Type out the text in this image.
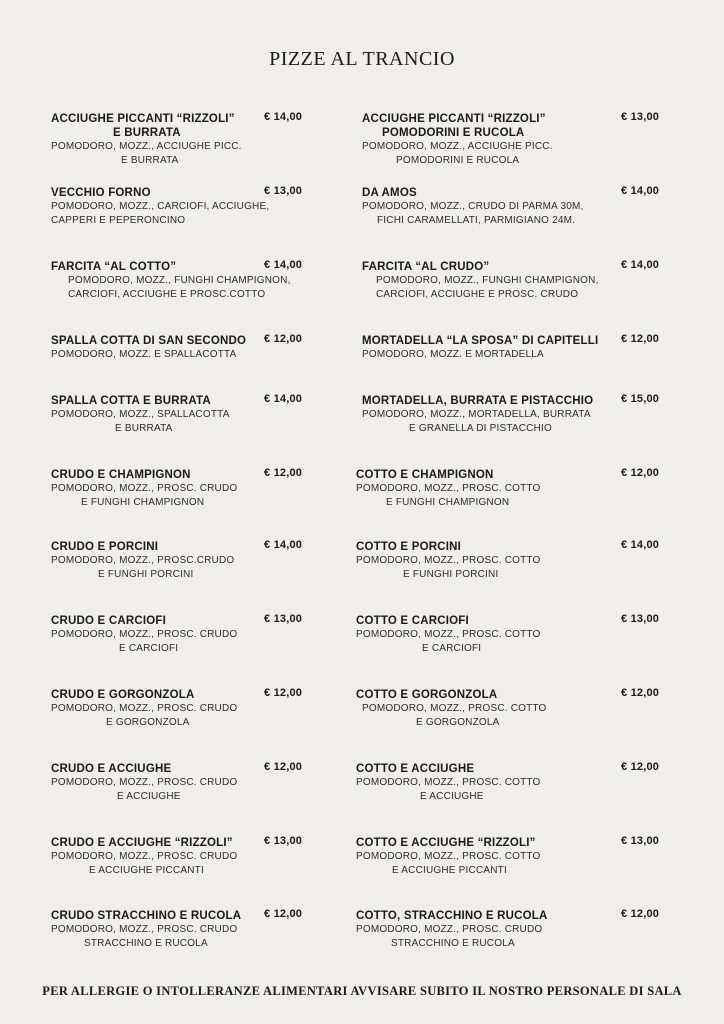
PIZZE AL TRANCIO
ACCIUGHE PICCANTI “RIZZOLI”
E BURRATA
POMODORO, MOZZ., ACCIUGHE PICC.
E BURRATA
€ 14,00
VECCHIO FORNO
POMODORO, MOZZ., CARCIOFI, ACCIUGHE,
CAPPERI E PEPERONCINO
€ 13,00
FARCITA “AL COTTO”
POMODORO, MOZZ., FUNGHI CHAMPIGNON,
CARCIOFI, ACCIUGHE E PROSC.COTTO
€ 14,00
SPALLA COTTA DI SAN SECONDO
POMODORO, MOZZ. E SPALLACOTTA
€ 12,00
SPALLA COTTA E BURRATA
POMODORO, MOZZ., SPALLACOTTA
E BURRATA
€ 14,00
CRUDO E CHAMPIGNON
POMODORO, MOZZ., PROSC. CRUDO
E FUNGHI CHAMPIGNON
€ 12,00
CRUDO E PORCINI
POMODORO, MOZZ., PROSC.CRUDO
E FUNGHI PORCINI
€ 14,00
CRUDO E CARCIOFI
POMODORO, MOZZ., PROSC. CRUDO
E CARCIOFI
€ 13,00
CRUDO E GORGONZOLA
POMODORO, MOZZ., PROSC. CRUDO
E GORGONZOLA
€ 12,00
CRUDO E ACCIUGHE
POMODORO, MOZZ., PROSC. CRUDO
E ACCIUGHE
€ 12,00
CRUDO E ACCIUGHE “RIZZOLI”
POMODORO, MOZZ., PROSC. CRUDO
E ACCIUGHE PICCANTI
€ 13,00
CRUDO STRACCHINO E RUCOLA
POMODORO, MOZZ., PROSC. CRUDO
STRACCHINO E RUCOLA
€ 12,00
ACCIUGHE PICCANTI “RIZZOLI”
POMODORINI E RUCOLA
POMODORO, MOZZ., ACCIUGHE PICC.
POMODORINI E RUCOLA
€ 13,00
DA AMOS
POMODORO, MOZZ., CRUDO DI PARMA 30M,
FICHI CARAMELLATI, PARMIGIANO 24M.
€ 14,00
FARCITA “AL CRUDO”
POMODORO, MOZZ., FUNGHI CHAMPIGNON,
CARCIOFI, ACCIUGHE E PROSC. CRUDO
€ 14,00
MORTADELLA “LA SPOSA” DI CAPITELLI
POMODORO, MOZZ. E MORTADELLA
€ 12,00
MORTADELLA, BURRATA E PISTACCHIO
POMODORO, MOZZ., MORTADELLA, BURRATA
E GRANELLA DI PISTACCHIO
€ 15,00
COTTO E CHAMPIGNON
POMODORO, MOZZ., PROSC. COTTO
E FUNGHI CHAMPIGNON
€ 12,00
COTTO E PORCINI
POMODORO, MOZZ., PROSC. COTTO
E FUNGHI PORCINI
€ 14,00
COTTO E CARCIOFI
POMODORO, MOZZ., PROSC. COTTO
E CARCIOFI
€ 13,00
COTTO E GORGONZOLA
POMODORO, MOZZ., PROSC. COTTO
E GORGONZOLA
€ 12,00
COTTO E ACCIUGHE
POMODORO, MOZZ., PROSC. COTTO
E ACCIUGHE
€ 12,00
COTTO E ACCIUGHE “RIZZOLI”
POMODORO, MOZZ., PROSC. COTTO
E ACCIUGHE PICCANTI
€ 13,00
COTTO, STRACCHINO E RUCOLA
POMODORO, MOZZ., PROSC. CRUDO
STRACCHINO E RUCOLA
€ 12,00
PER ALLERGIE O INTOLLERANZE ALIMENTARI AVVISARE SUBITO IL NOSTRO PERSONALE DI SALA
